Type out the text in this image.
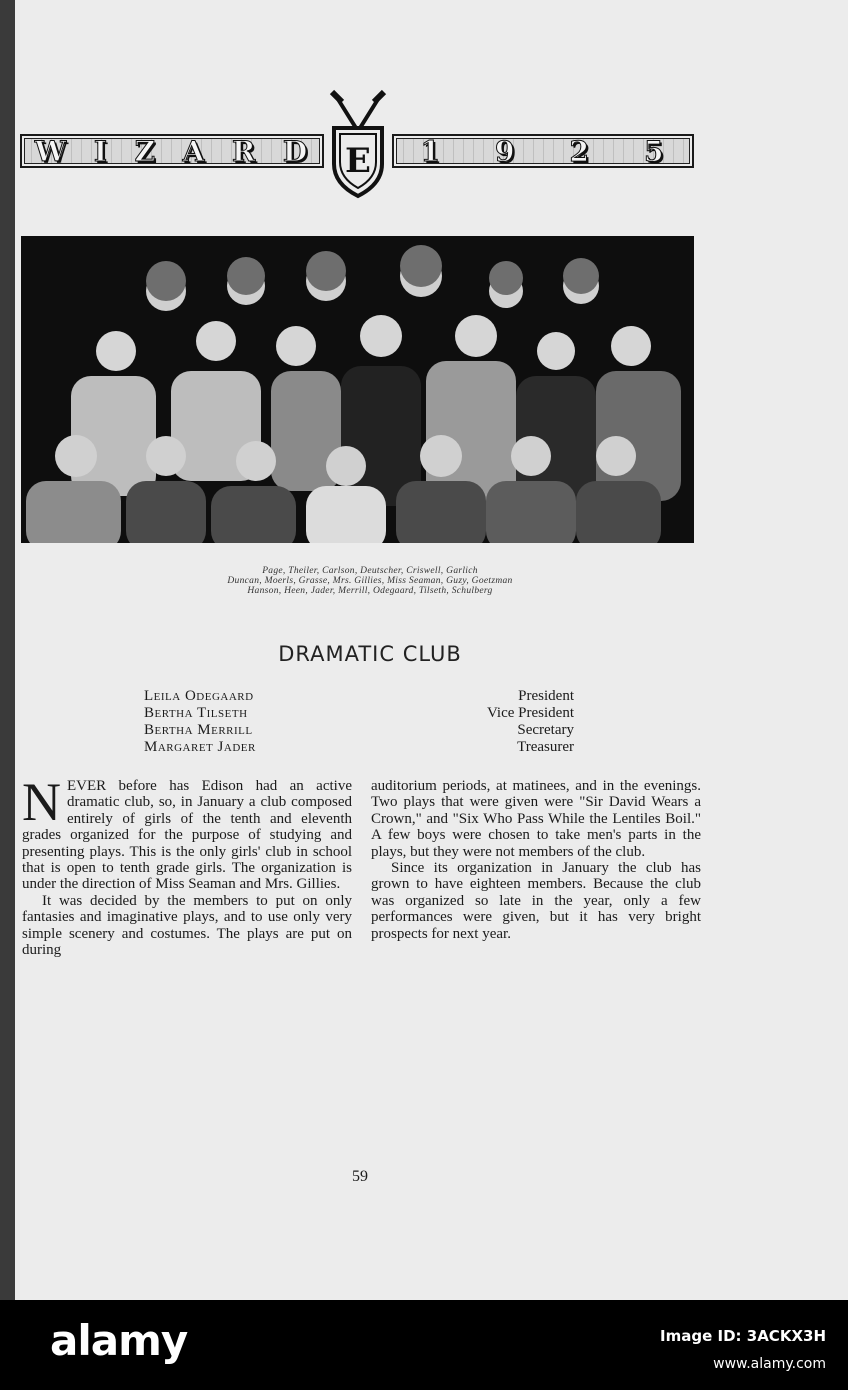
W I Z A R D E 1 9 2 5
Page, Theiler, Carlson, Deutscher, Criswell, Garlich
Duncan, Moerls, Grasse, Mrs. Gillies, Miss Seaman, Guzy, Goetzman
Hanson, Heen, Jader, Merrill, Odegaard, Tilseth, Schulberg
DRAMATIC CLUB
Leila Odegaard	President
Bertha Tilseth	Vice President
Bertha Merrill	Secretary
Margaret Jader	Treasurer

NEVER before has Edison had an active dramatic club, so, in January a club composed entirely of girls of the tenth and eleventh grades organized for the purpose of studying and presenting plays. This is the only girls' club in school that is open to tenth grade girls. The organization is under the direction of Miss Seaman and Mrs. Gillies.

It was decided by the members to put on only fantasies and imaginative plays, and to use only very simple scenery and costumes. The plays are put on during

auditorium periods, at matinees, and in the evenings. Two plays that were given were "Sir David Wears a Crown," and "Six Who Pass While the Lentiles Boil." A few boys were chosen to take men's parts in the plays, but they were not members of the club.

Since its organization in January the club has grown to have eighteen members. Because the club was organized so late in the year, only a few performances were given, but it has very bright prospects for next year.

59
alamy	Image ID: 3ACKX3H
www.alamy.com
